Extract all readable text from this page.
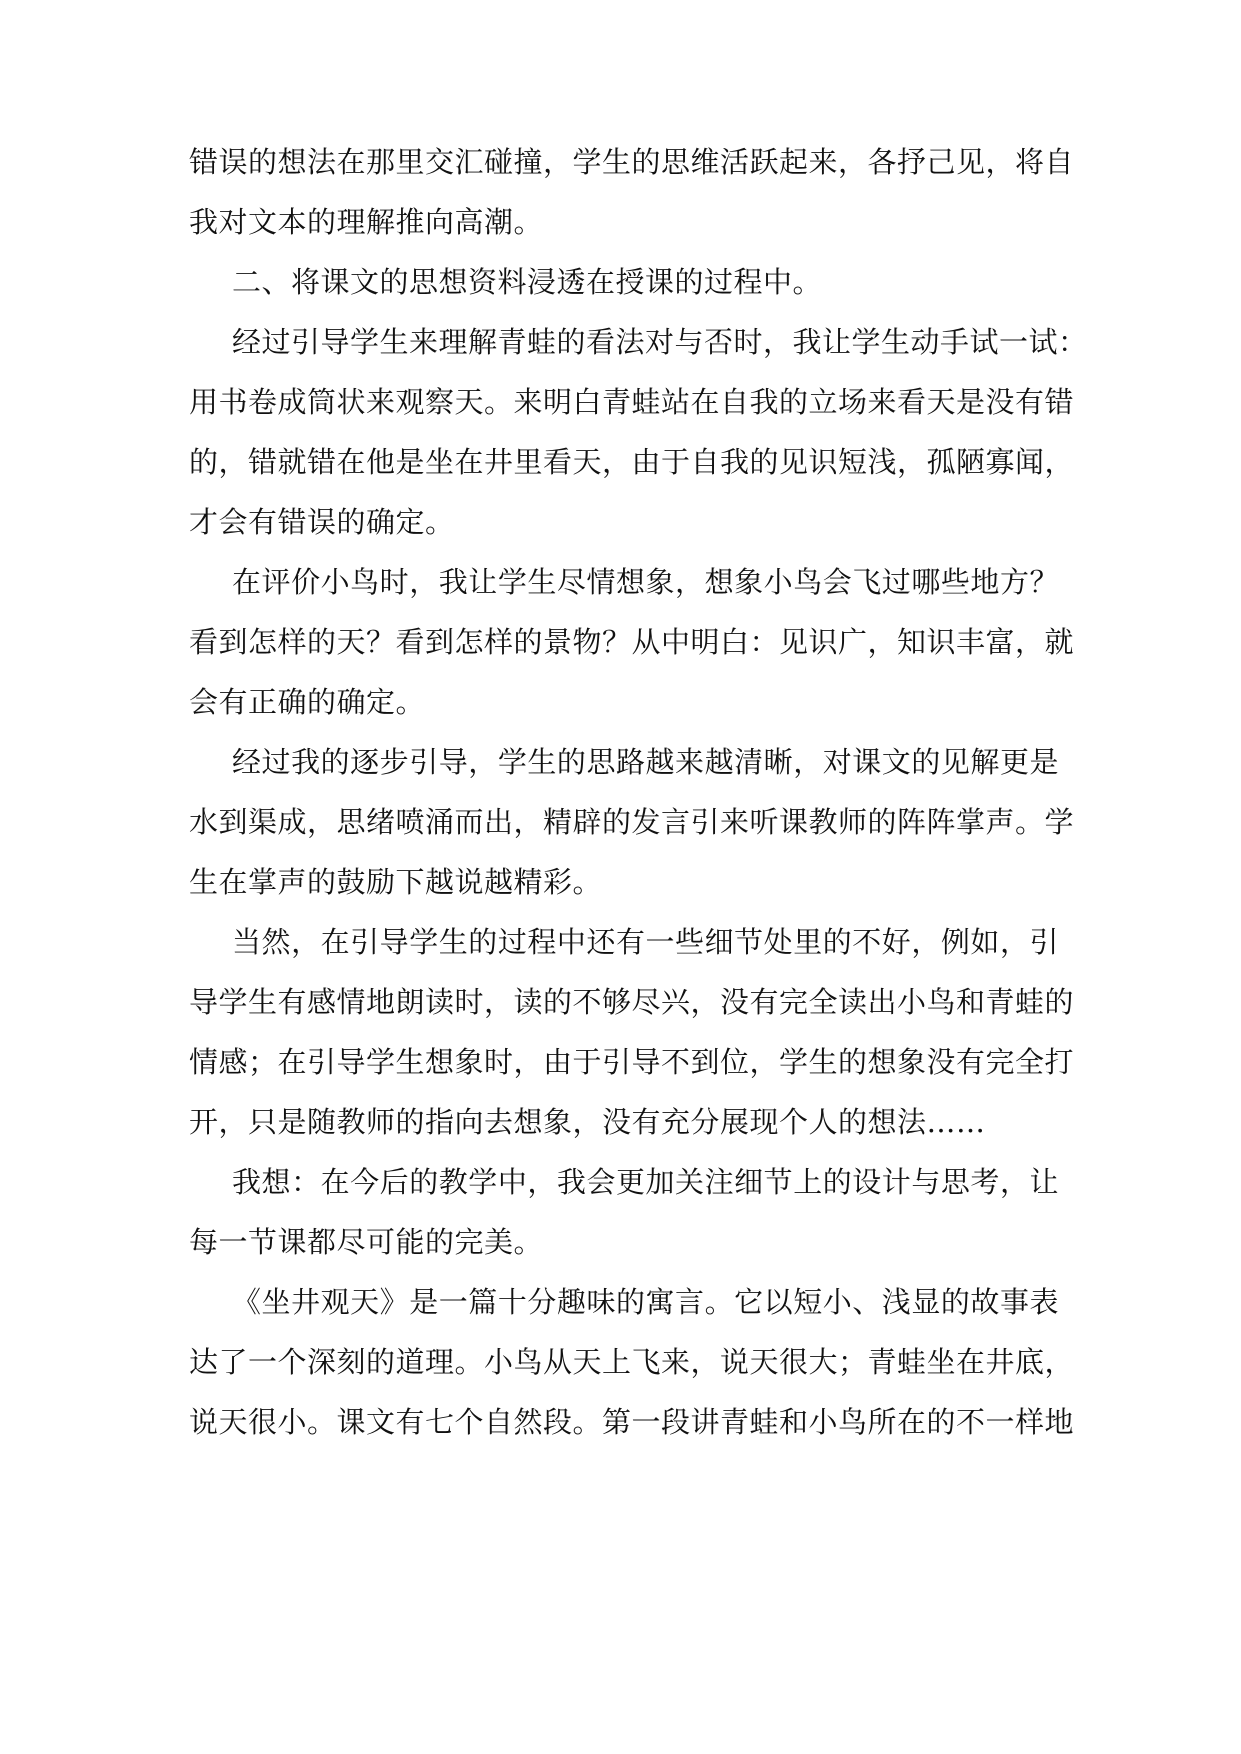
错误的想法在那里交汇碰撞，学生的思维活跃起来，各抒己见，将自
我对文本的理解推向高潮。
二、将课文的思想资料浸透在授课的过程中。
经过引导学生来理解青蛙的看法对与否时，我让学生动手试一试：
用书卷成筒状来观察天。来明白青蛙站在自我的立场来看天是没有错
的，错就错在他是坐在井里看天，由于自我的见识短浅，孤陋寡闻，
才会有错误的确定。
在评价小鸟时，我让学生尽情想象，想象小鸟会飞过哪些地方？
看到怎样的天？看到怎样的景物？从中明白：见识广，知识丰富，就
会有正确的确定。
经过我的逐步引导，学生的思路越来越清晰，对课文的见解更是
水到渠成，思绪喷涌而出，精辟的发言引来听课教师的阵阵掌声。学
生在掌声的鼓励下越说越精彩。
当然，在引导学生的过程中还有一些细节处里的不好，例如，引
导学生有感情地朗读时，读的不够尽兴，没有完全读出小鸟和青蛙的
情感；在引导学生想象时，由于引导不到位，学生的想象没有完全打
开，只是随教师的指向去想象，没有充分展现个人的想法……
我想：在今后的教学中，我会更加关注细节上的设计与思考，让
每一节课都尽可能的完美。
《坐井观天》是一篇十分趣味的寓言。它以短小、浅显的故事表
达了一个深刻的道理。小鸟从天上飞来，说天很大；青蛙坐在井底，
说天很小。课文有七个自然段。第一段讲青蛙和小鸟所在的不一样地
